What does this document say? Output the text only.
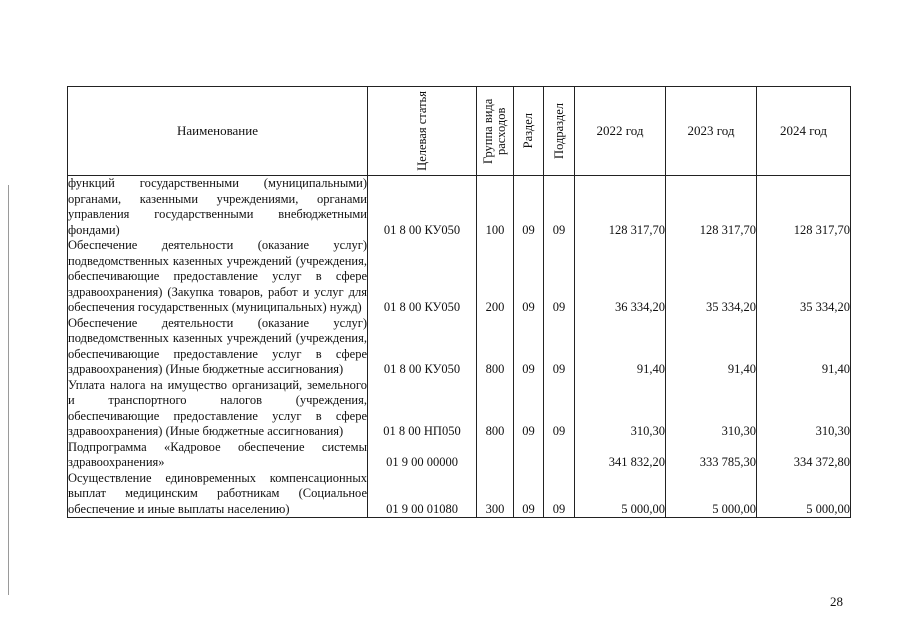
Наименование	Целевая статья	Группа вида расходов	Раздел	Подраздел	2022 год	2023 год	2024 год
функций государственными (муниципальными) органами, казенными учреждениями, органами управления государственными внебюджетными фондами)	01 8 00 КУ050	100	09	09	128 317,70	128 317,70	128 317,70
Обеспечение деятельности (оказание услуг) подведомственных казенных учреждений (учреждения, обеспечивающие предоставление услуг в сфере здравоохранения) (Закупка товаров, работ и услуг для обеспечения государственных (муниципальных) нужд)	01 8 00 КУ050	200	09	09	36 334,20	35 334,20	35 334,20
Обеспечение деятельности (оказание услуг) подведомственных казенных учреждений (учреждения, обеспечивающие предоставление услуг в сфере здравоохранения) (Иные бюджетные ассигнования)	01 8 00 КУ050	800	09	09	91,40	91,40	91,40
Уплата налога на имущество организаций, земельного и транспортного налогов (учреждения, обеспечивающие предоставление услуг в сфере здравоохранения) (Иные бюджетные ассигнования)	01 8 00 НП050	800	09	09	310,30	310,30	310,30
Подпрограмма «Кадровое обеспечение системы здравоохранения»	01 9 00 00000				341 832,20	333 785,30	334 372,80
Осуществление единовременных компенсационных выплат медицинским работникам (Социальное обеспечение и иные выплаты населению)	01 9 00 01080	300	09	09	5 000,00	5 000,00	5 000,00
28
